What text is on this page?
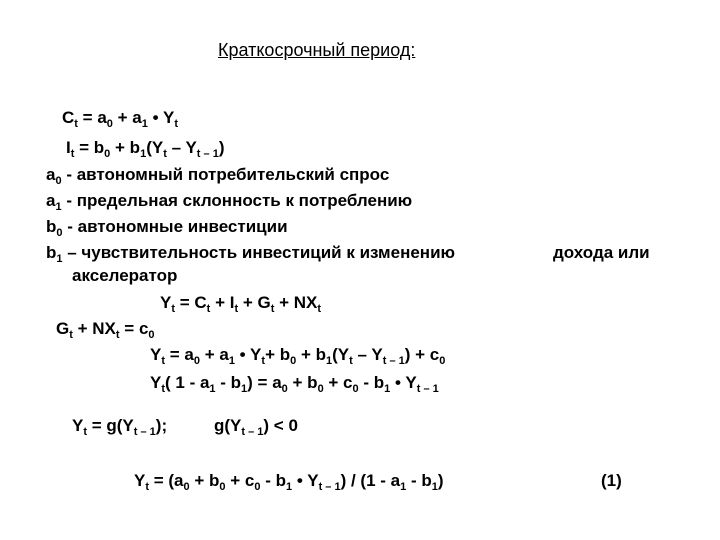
Краткосрочный период:
$C_t = a_0 + a_1$ • $Y_t$
$I_t = b_0 + b_1(Y_t - Y_{t - 1})$
$a_0$ - автономный потребительский спрос
$a_1$ - предельная склонность к потреблению
$b_0$ - автономные инвестиции
$b_1$ – чувствительность инвестиций к изменению	дохода или
акселератор
$Y_t = C_t + I_t + G_t + NX_t$
$G_t + NX_t = c_0$
$Y_t = a_0 + a_1$ • $Y_t+ b_0 + b_1(Y_t - Y_{t - 1}) + c_0$
$Y_t$( $1 - a_1 - b_1) = a_0 + b_0 + c_0 - b_1$ • $Y_{t - 1}$
$Y_t = g(Y_{t - 1})$;	$g(Y_{t - 1}) < 0$
$Y_t = (a_0 + b_0 + c_0 - b_1$ • $Y_{t - 1}) / (1 - a_1 - b_1)$	(1)
